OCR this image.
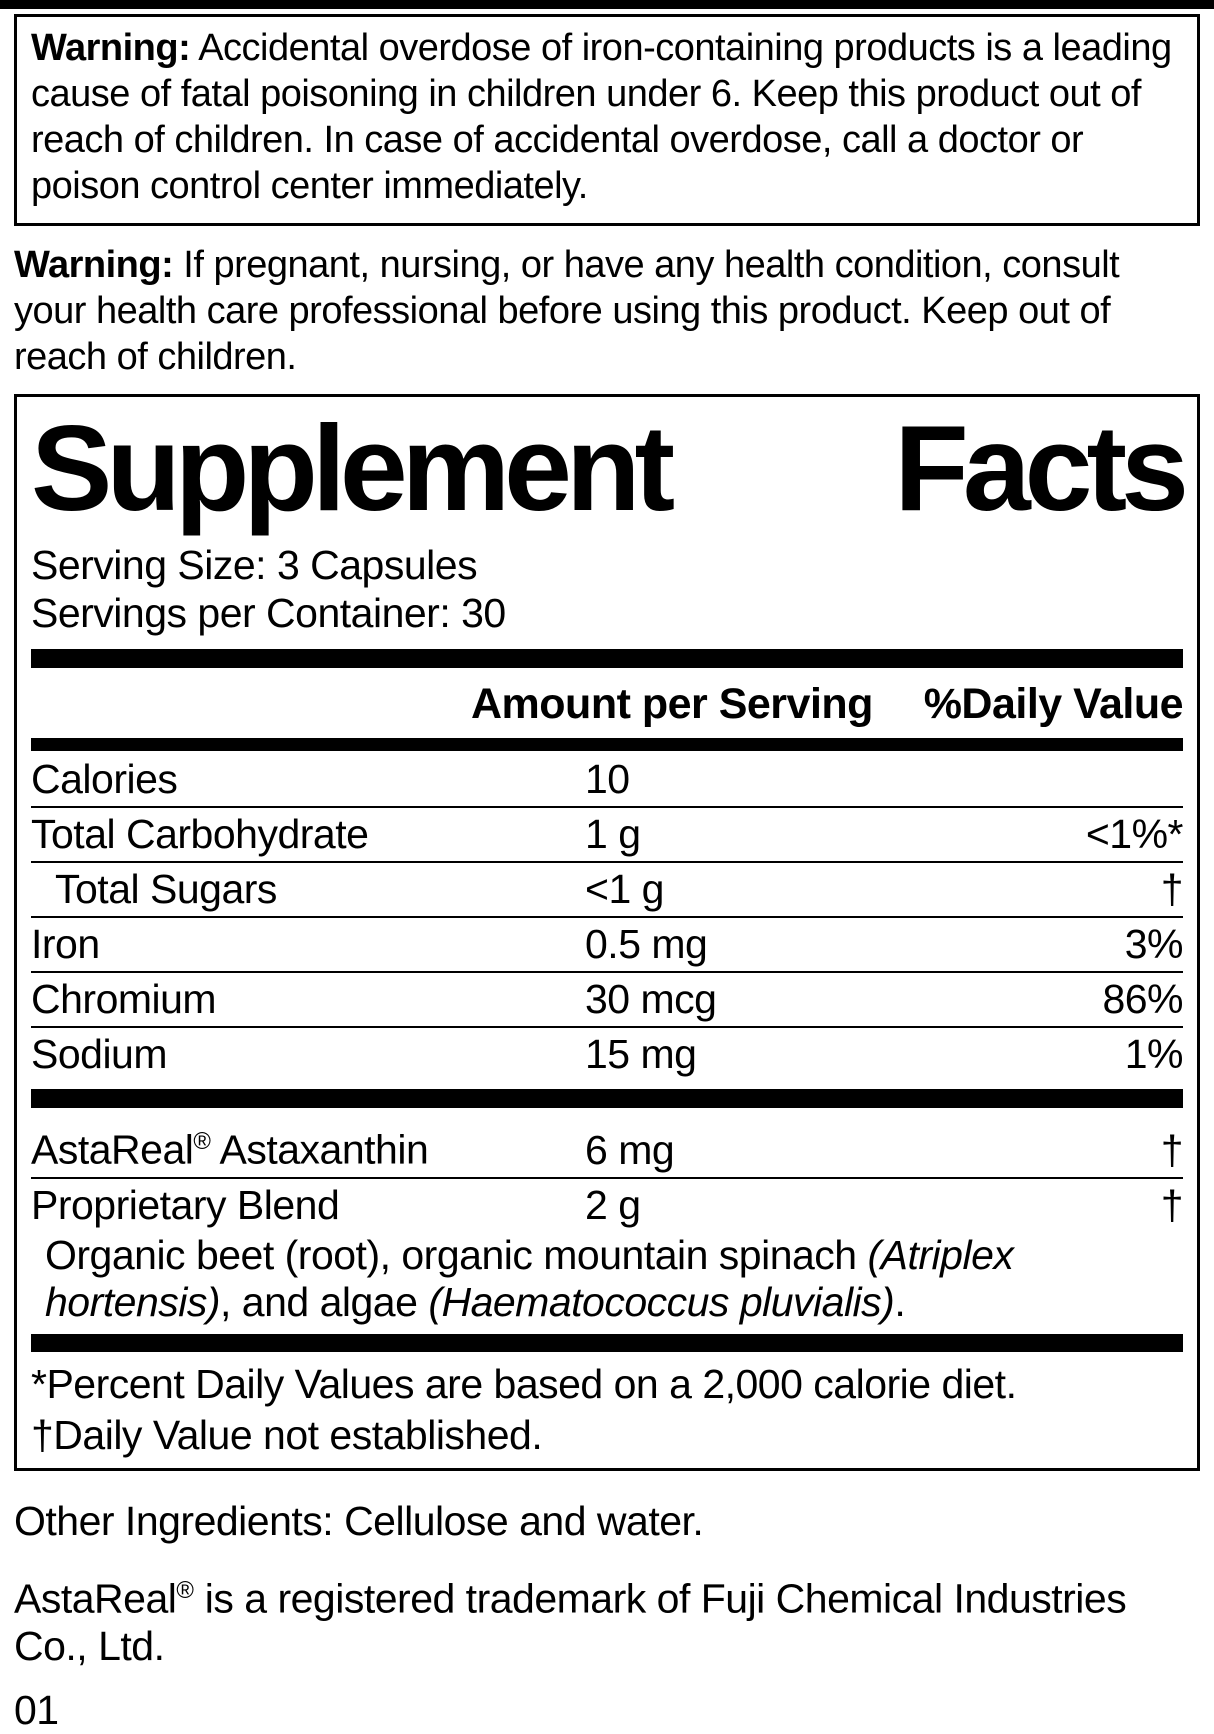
Warning: Accidental overdose of iron-containing products is a leading cause of fatal poisoning in children under 6. Keep this product out of reach of children. In case of accidental overdose, call a doctor or poison control center immediately.
Warning: If pregnant, nursing, or have any health condition, consult your health care professional before using this product. Keep out of reach of children.
Supplement Facts

Serving Size: 3 Capsules

Servings per Container: 30

Amount per Serving %Daily Value
Calories	10
Total Carbohydrate	1 g	<1%*
Total Sugars	<1 g	†
Iron	0.5 mg	3%
Chromium	30 mcg	86%
Sodium	15 mg	1%
AstaReal® Astaxanthin	6 mg	†
Proprietary Blend	2 g	†

Organic beet (root), organic mountain spinach (Atriplex hortensis), and algae (Haematococcus pluvialis).

*Percent Daily Values are based on a 2,000 calorie diet.

†Daily Value not established.

Other Ingredients: Cellulose and water.

AstaReal® is a registered trademark of Fuji Chemical Industries Co., Ltd.

01
